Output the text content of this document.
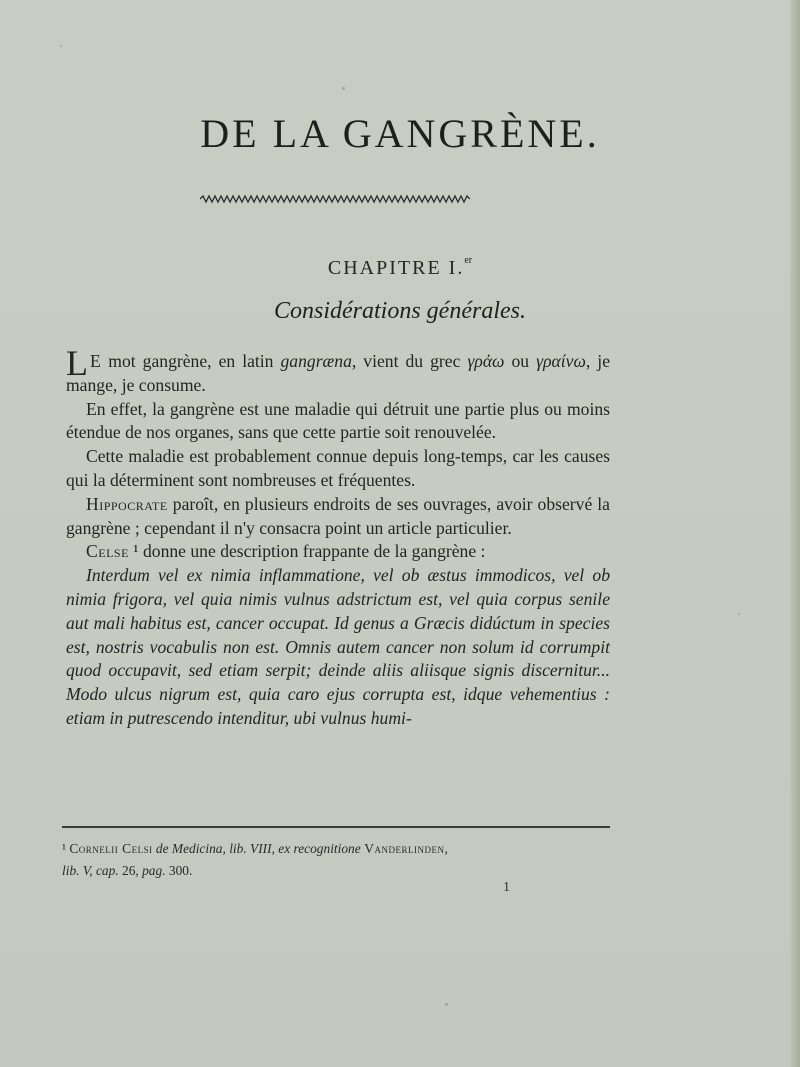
DE LA GANGRÈNE.
CHAPITRE I.$^{er}$
Considérations générales.

L E mot gangrène, en latin gangræna, vient du grec γρἀω ou γραίνω, je mange, je consume.

En effet, la gangrène est une maladie qui détruit une partie plus ou moins étendue de nos organes, sans que cette partie soit renouvelée.

Cette maladie est probablement connue depuis long-temps, car les causes qui la déterminent sont nombreuses et fréquentes.

Hippocrate paroît, en plusieurs endroits de ses ouvrages, avoir observé la gangrène ; cependant il n'y consacra point un article particulier.

Celse ¹ donne une description frappante de la gangrène :

Interdum vel ex nimia inflammatione, vel ob æstus immodicos, vel ob nimia frigora, vel quia nimis vulnus adstrictum est, vel quia corpus senile aut mali habitus est, cancer occupat. Id genus a Græcis didúctum in species est, nostris vocabulis non est. Omnis autem cancer non solum id corrumpit quod occupavit, sed etiam serpit; deinde aliis aliisque signis discernitur... Modo ulcus nigrum est, quia caro ejus corrupta est, idque vehementius : etiam in putrescendo intenditur, ubi vulnus humi-

¹ Cornelii Celsi de Medicina, lib. VIII, ex recognitione Vanderlinden,
lib. V, cap. 26, pag. 300.
1
